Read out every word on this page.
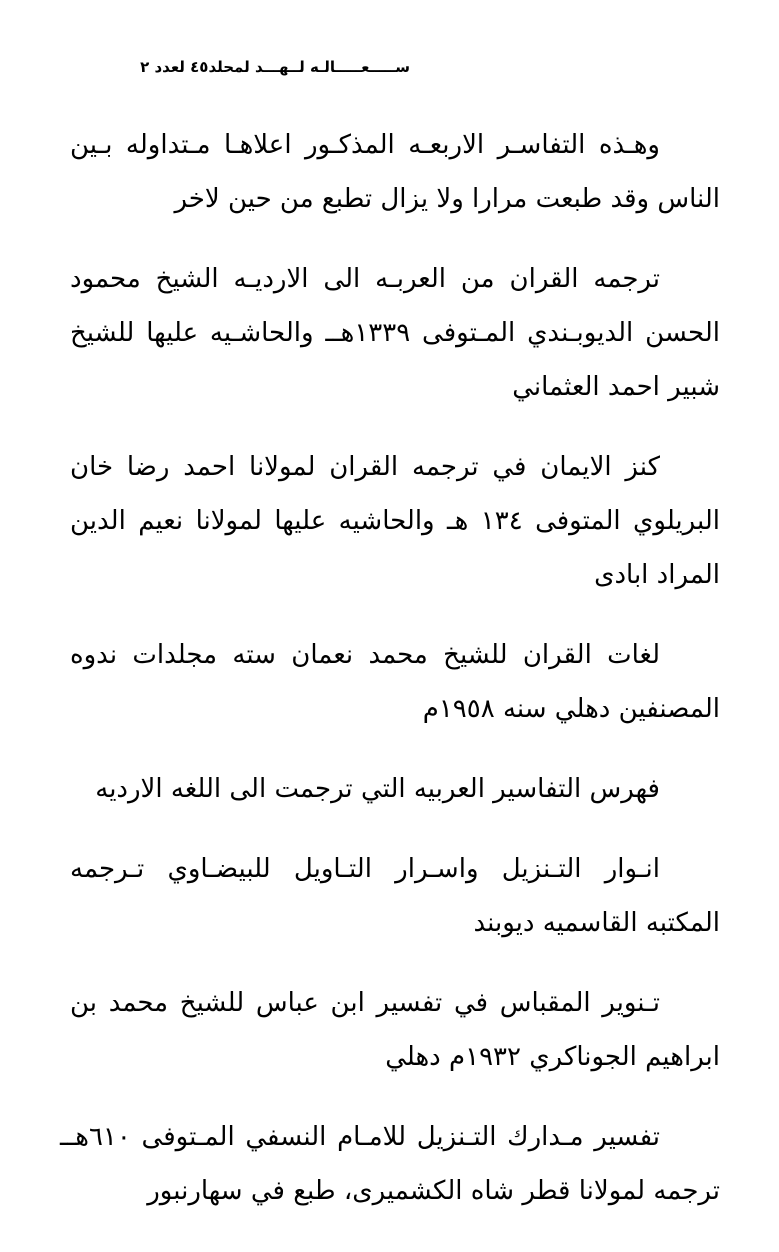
ســـــعـــــالـه لــهـــد لمحلد٤٥ لعدد ٢

وهـذه التفاسـر الاربعـه المذكـور اعلاهـا مـتداوله بـين الناس وقد طبعت مرارا ولا يزال تطبع من حين لاخر

ترجمه القران من العربـه الى الارديـه الشيخ محمود الحسن الديوبـندي المـتوفى ١٣٣٩هــ والحاشـيه عليها للشيخ شبير احمد العثماني

كنز الايمان في ترجمه القران لمولانا احمد رضا خان البريلوي المتوفى ١٣٤ ‌هـ والحاشيه عليها لمولانا نعيم الدين المراد ابادى

لغات القران للشيخ محمد نعمان سته مجلدات ندوه المصنفين دهلي سنه ١٩٥٨م

فهرس التفاسير العربيه التي ترجمت الى اللغه الارديه

انـوار التـنزيل واسـرار التـاويل للبيضـاوي تـرجمه المكتبه القاسميه ديوبند

تـنوير المقباس في تفسير ابن عباس للشيخ محمد بن ابراهيم الجوناكري ١٩٣٢م دهلي

تفسير مـدارك التـنزيل للامـام النسفي المـتوفى ٦١٠هــ ترجمه لمولانا قطر شاه الكشميرى، طبع في سهارنبور
